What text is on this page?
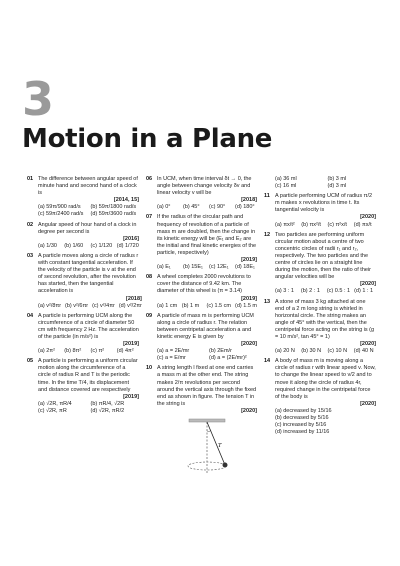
3
Motion in a Plane
01 The difference between angular speed of minute hand and second hand of a clock is
[2014, 15]
(a) 59π/900 rad/s	(b) 59π/1800 rad/s
(c) 59π/2400 rad/s	(d) 59π/3600 rad/s
02 Angular speed of hour hand of a clock in degree per second is
[2016]
(a) 1/30	(b) 1/60	(c) 1/120 (d) 1/720
03 A particle moves along a circle of radius r with constant tangential acceleration. If the velocity of the particle is v at the end of second revolution, after the revolution has started, then the tangential acceleration is
[2018]
(a) v²/8πr (b) v²/6πr (c) v²/4πr (d) v²/2πr
04 A particle is performing UCM along the circumference of a circle of diameter 50 cm with frequency 2 Hz. The acceleration of the particle (in m/s²) is
[2019]
(a) 2π²	(b) 8π²	(c) π²	(d) 4π²
05 A particle is performing a uniform circular motion along the circumference of a circle of radius R and T is the periodic time. In the time T/4, its displacement and distance covered are respectively
[2019]
(a) √2R, πR/4	(b) πR/4, √2R
(c) √2R, πR	(d) √2R, πR/2
06 In UCM, when time interval δt → 0, the angle between change velocity δv and linear velocity v will be
[2018]
(a) 0°	(b) 45°	(c) 90°	(d) 180°
07 If the radius of the circular path and frequency of revolution of a particle of mass m are doubled, then the change in its kinetic energy will be (E₁ and E₂ are the initial and final kinetic energies of the particle, respectively)
[2019]
(a) E₁	(b) 15E₁	(c) 12E₁	(d) 18E₁
08 A wheel completes 2000 revolutions to cover the distance of 9.42 km. The diameter of this wheel is (π = 3.14)
[2019]
(a) 1 cm (b) 1 m	(c) 1.5 cm (d) 1.5 m
09 A particle of mass m is performing UCM along a circle of radius r. The relation between centripetal acceleration a and kinetic energy E is given by
[2020]
(a) a = 2E/mr	(b) 2Em/r
(c) a = E/mr	(d) a = (2E/mr)²
10 A string length l fixed at one end carries a mass m at the other end. The string makes 2/π revolutions per second around the vertical axis through the fixed end as shown in figure. The tension T in the string is
[2020]
T
(a) 36 ml	(b) 3 ml
(c) 16 ml	(d) 3 ml
11 A particle performing UCM of radius π/2 m makes x revolutions in time t. Its tangential velocity is
[2020]
(a) πx/t²	(b) πx²/t	(c) π²x/t	(d) πx/t
12 Two particles are performing uniform circular motion about a centre of two concentric circles of radii r₁ and r₂, respectively. The two particles and the centre of circles lie on a straight line during the motion, then the ratio of their angular velocities will be
[2020]
(a) 3 : 1	(b) 2 : 1	(c) 0.5 : 1 (d) 1 : 1
13 A stone of mass 3 kg attached at one end of a 2 m long string is whirled in horizontal circle. The string makes an angle of 45° with the vertical, then the centripetal force acting on the string is (g = 10 m/s², tan 45° = 1)
[2020]
(a) 20 N	(b) 30 N	(c) 10 N	(d) 40 N
14 A body of mass m is moving along a circle of radius r with linear speed v. Now, to change the linear speed to v/2 and to move it along the circle of radius 4r, required change in the centripetal force of the body is
[2020]
(a) decreased by 15/16
(b) decreased by 5/16
(c) increased by 5/16
(d) increased by 11/16
